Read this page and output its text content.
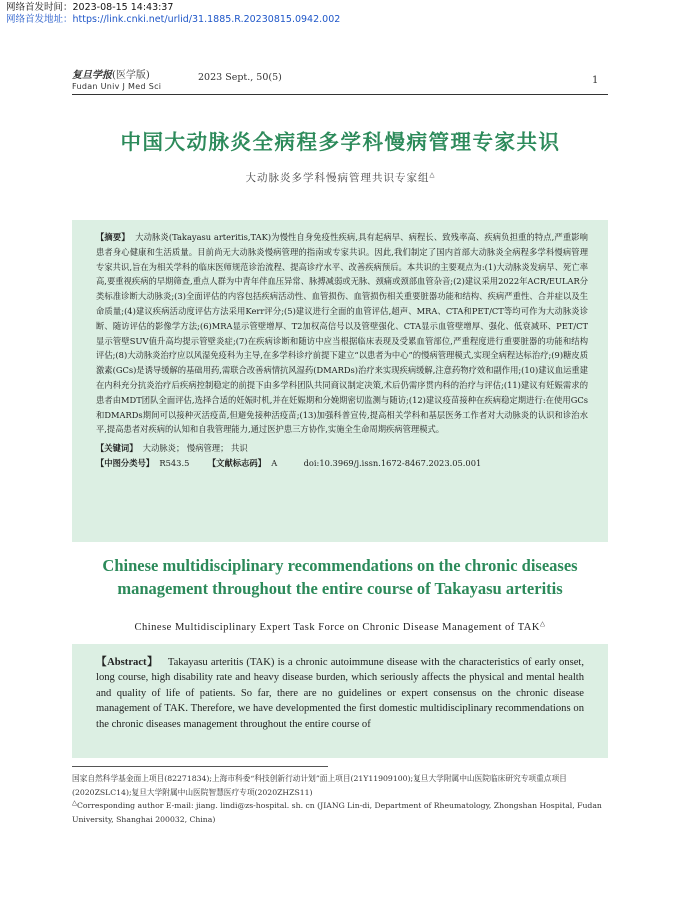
网络首发时间：2023-08-15 14:43:37
网络首发地址：https://link.cnki.net/urlid/31.1885.R.20230815.0942.002
复旦学报(医学版)
Fudan Univ J Med Sci
2023 Sept., 50(5)	1
中国大动脉炎全病程多学科慢病管理专家共识
大动脉炎多学科慢病管理共识专家组△

【摘要】 大动脉炎(Takayasu arteritis,TAK)为慢性自身免疫性疾病,具有起病早、病程长、致残率高、疾病负担重的特点,严重影响患者身心健康和生活质量。目前尚无大动脉炎慢病管理的指南或专家共识。因此,我们制定了国内首部大动脉炎全病程多学科慢病管理专家共识,旨在为相关学科的临床医师规范诊治流程、提高诊疗水平、改善疾病预后。本共识的主要观点为:(1)大动脉炎发病早、死亡率高,要重视疾病的早期筛查,重点人群为中青年伴血压异常、脉搏减弱或无脉、颈痛或颈部血管杂音;(2)建议采用2022年ACR/EULAR分类标准诊断大动脉炎;(3)全面评估的内容包括疾病活动性、血管损伤、血管损伤相关重要脏器功能和结构、疾病严重性、合并症以及生命质量;(4)建议疾病活动度评估方法采用Kerr评分;(5)建议进行全面的血管评估,超声、MRA、CTA和PET/CT等均可作为大动脉炎诊断、随访评估的影像学方法;(6)MRA显示管壁增厚、T2加权高信号以及管壁强化、CTA显示血管壁增厚、强化、低衰减环、PET/CT显示管壁SUV值升高均提示管壁炎症;(7)在疾病诊断和随访中应当根据临床表现及受累血管部位,严重程度进行重要脏器的功能和结构评估;(8)大动脉炎治疗应以风湿免疫科为主导,在多学科诊疗前提下建立“以患者为中心”的慢病管理模式,实现全病程达标治疗;(9)糖皮质激素(GCs)是诱导缓解的基础用药,需联合改善病情抗风湿药(DMARDs)治疗来实现疾病缓解,注意药物疗效和副作用;(10)建议血运重建在内科充分抗炎治疗后疾病控制稳定的前提下由多学科团队共同商议制定决策,术后仍需序贯内科的治疗与评估;(11)建议有妊娠需求的患者由MDT团队全面评估,选择合适的妊娠时机,并在妊娠期和分娩期密切监测与随访;(12)建议疫苗接种在疾病稳定期进行:在使用GCs和DMARDs期间可以接种灭活疫苗,但避免接种活疫苗;(13)加强科普宣传,提高相关学科和基层医务工作者对大动脉炎的认识和诊治水平,提高患者对疾病的认知和自我管理能力,通过医护患三方协作,实施全生命周期疾病管理模式。

【关键词】 大动脉炎； 慢病管理； 共识

【中图分类号】 R543.5 【文献标志码】 A	doi:10.3969/j.issn.1672-8467.2023.05.001

Chinese multidisciplinary recommendations on the chronic diseases management throughout the entire course of Takayasu arteritis
Chinese Multidisciplinary Expert Task Force on Chronic Disease Management of TAK△
【Abstract】 Takayasu arteritis (TAK) is a chronic autoimmune disease with the characteristics of early onset, long course, high disability rate and heavy disease burden, which seriously affects the physical and mental health and quality of life of patients. So far, there are no guidelines or expert consensus on the chronic disease management of TAK. Therefore, we have developmented the first domestic multidisciplinary recommendations on the chronic diseases management throughout the entire course of

国家自然科学基金面上项目(82271834);上海市科委“科技创新行动计划”面上项目(21Y11909100);复旦大学附属中山医院临床研究专项重点项目(2020ZSLC14);复旦大学附属中山医院智慧医疗专项(2020ZHZS11)

△Corresponding author E-mail: jiang. lindi@zs-hospital. sh. cn (JIANG Lin-di, Department of Rheumatology, Zhongshan Hospital, Fudan University, Shanghai 200032, China)
